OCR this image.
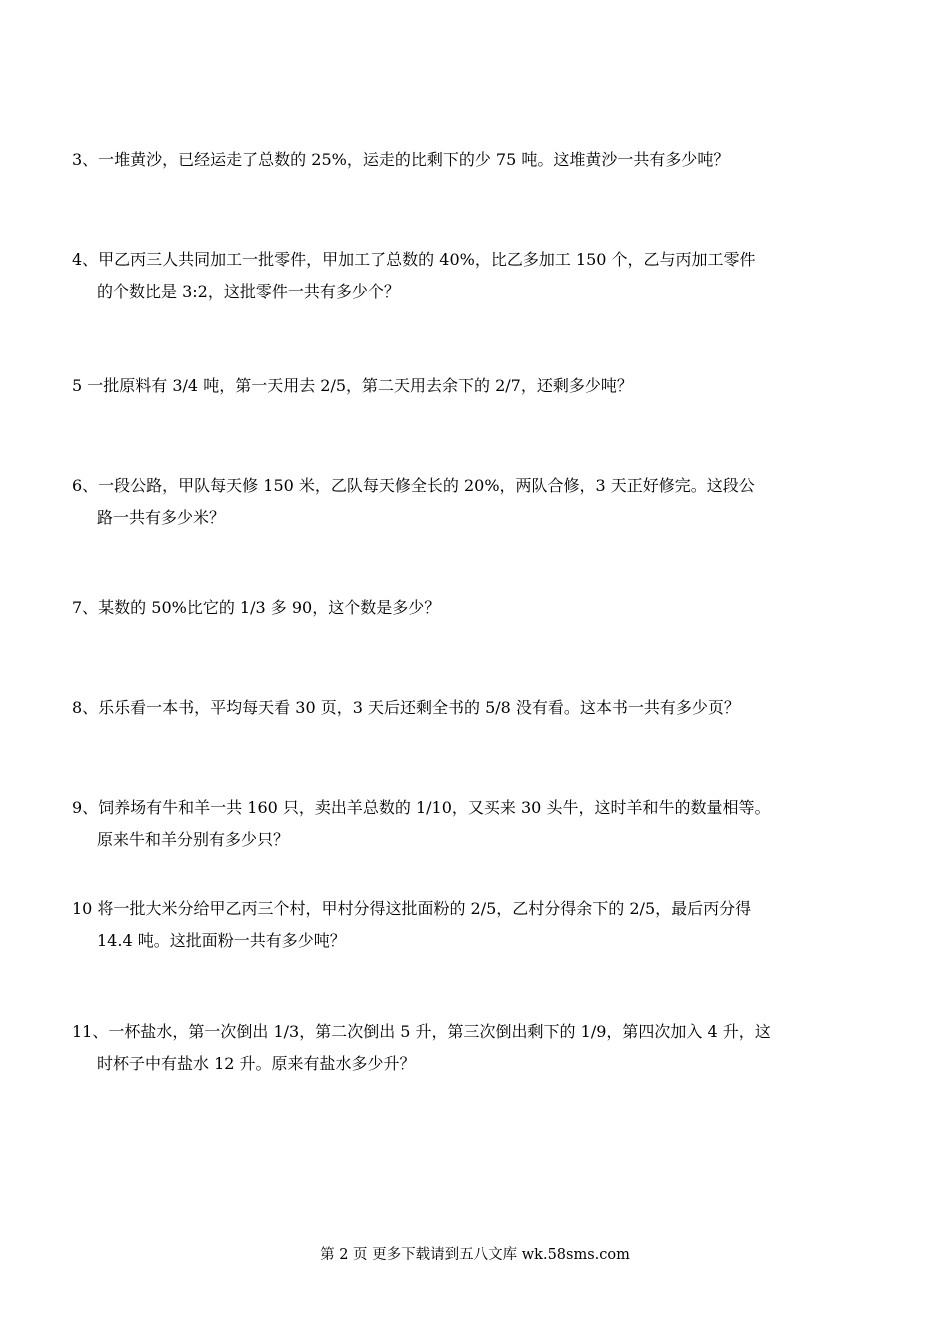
3、一堆黄沙，已经运走了总数的 25%，运走的比剩下的少 75 吨。这堆黄沙一共有多少吨？
4、甲乙丙三人共同加工一批零件，甲加工了总数的 40%，比乙多加工 150 个，乙与丙加工零件
的个数比是 3:2，这批零件一共有多少个？
5 一批原料有 3/4 吨，第一天用去 2/5，第二天用去余下的 2/7，还剩多少吨？
6、一段公路，甲队每天修 150 米，乙队每天修全长的 20%，两队合修，3 天正好修完。这段公
路一共有多少米？
7、某数的 50%比它的 1/3 多 90，这个数是多少？
8、乐乐看一本书，平均每天看 30 页，3 天后还剩全书的 5/8 没有看。这本书一共有多少页？
9、饲养场有牛和羊一共 160 只，卖出羊总数的 1/10，又买来 30 头牛，这时羊和牛的数量相等。
原来牛和羊分别有多少只？
10 将一批大米分给甲乙丙三个村，甲村分得这批面粉的 2/5，乙村分得余下的 2/5，最后丙分得
14.4 吨。这批面粉一共有多少吨？
11、一杯盐水，第一次倒出 1/3，第二次倒出 5 升，第三次倒出剩下的 1/9，第四次加入 4 升，这
时杯子中有盐水 12 升。原来有盐水多少升？
第 2 页 更多下载请到五八文库 wk.58sms.com
